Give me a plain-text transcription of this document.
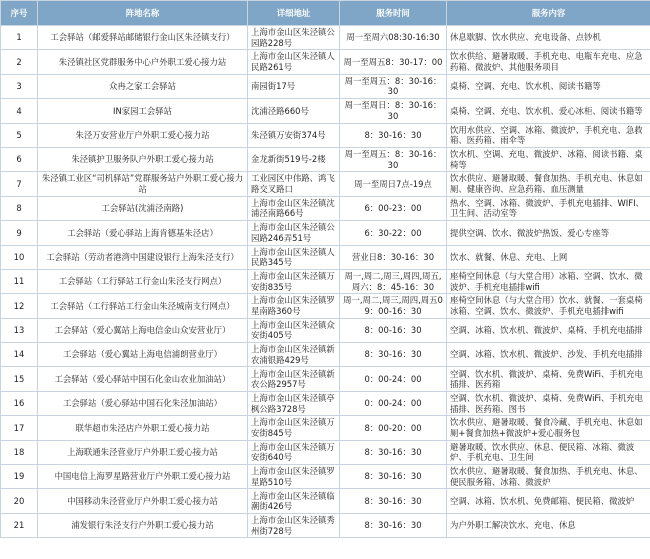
序号	阵地名称	详细地址	服务时间	服务内容
1	工会驿站（邮爱驿站邮储银行金山区朱泾镇支行）	上海市金山区朱泾镇公园路228号	周一至周六08:30-16:30	休息歇脚、饮水供应、充电设备、点钞机
2	朱泾镇社区党群服务中心户外职工爱心接力站	上海市金山区朱泾镇人民路261号	周一至周五8：30-17：00	饮水供给、避暑取暖、手机充电、电瓶车充电、应急药箱、微波炉、其他服务项目
3	众冉之家工会驿站	南园街17号	周一至周五：8：30-16：30	桌椅、空调、充电、饮水机、阅读书籍等
4	IN家园工会驿站	沈浦泾路660号	周一至周日：8：30-16：30	桌椅、空调、充电、饮水机、爱心冰柜、阅读书籍等
5	朱泾万安营业厅户外职工爱心接力站	朱泾镇万安街374号	8：30-16：30	饮用水供应、空调、冰箱、微波炉、手机充电、急救箱、医药箱、雨伞等
6	朱泾镇护卫服务队户外职工爱心接力站	金龙新街519号-2楼	周一至周五：8：30-16：30	饮水机、空调、充电、微波炉、冰箱、阅读书籍、桌椅等
7	朱泾镇工业区“司机驿站”党群服务站户外职工爱心接力站	工业园区中伟路、鸿飞路交叉路口	周一至周日7点-19点	饮水供应、避暑取暖、餐食加热、手机充电、休息如厕、健康咨询、应急药箱、血压测量
8	工会驿站(沈浦泾南路)	上海市金山区朱泾镇沈浦泾南路66号	6：00-23：00	热水、空调、冰箱、微波炉、手机充电插排、WIFI、卫生间、活动室等
9	工会驿站（爱心驿站上海肯德基朱泾店）	上海市金山区朱泾镇公园路246弄51号	6：30-22：00	提供空调、饮水、微波炉热饭、爱心专座等
10	工会驿站（劳动者港湾中国建设银行上海朱泾支行）	上海市金山区朱泾镇人民路345号	营业日8：30-16：30	饮水、就餐、休息、充电、上网
11	工会驿站（工行驿站工行金山朱泾支行网点）	上海市金山区朱泾镇万安街835号	周一,周二,周三,周四,周五,周六：8：45-16：30	座椅空间休息（与大堂合用）冰箱、空调、饮水、微波炉、手机充电插排wifi
12	工会驿站（工行驿站工行金山朱泾城南支行网点）	上海市金山区朱泾镇罗星南路360号	周一,周二,周三,周四,周五09：00-16：30	座椅空间休息（与大堂合用）饮水、就餐、一套桌椅冰箱、空调、饮水、微波炉、手机充电插排wifi
13	工会驿站（爱心翼站上海电信金山众安营业厅）	上海市金山区朱泾镇众安街405号	8：00-16：30	空调、冰箱、饮水机、微波炉、桌椅、手机充电插排
14	工会驿站（爱心翼站上海电信浦朗营业厅）	上海市金山区朱泾镇新农浦银路429号	8：30-16：30	空调、冰箱、饮水机、微波炉、沙发、手机充电插排
15	工会驿站（爱心驿站中国石化金山农业加油站）	上海市金山区朱泾镇新农公路2957号	0：00-24：00	空调、饮水机、微波炉、桌椅、免费WiFi、手机充电插排、医药箱
16	工会驿站（爱心驿站中国石化朱泾加油站）	上海市金山区朱泾镇亭枫公路3728号	0：00-24：00	空调、饮水机、微波炉、桌椅、免费WiFi、手机充电插排、医药箱、图书
17	联华超市朱泾店户外职工爱心接力站	上海市金山区朱泾镇万安街845号	8：00-20：00	饮水供应、避暑取暖、餐食冷藏、手机充电、休息如厕+餐食加热+微波炉+爱心服务包
18	上海联通朱泾营业厅户外职工爱心接力站	上海市金山区朱泾镇万安街640号	8：30-16：30	避暑取暖、饮水供应、休息、便民箱、冰箱、微波炉、手机充电、卫生间
19	中国电信上海罗星路营业厅户外职工爱心接力站	上海市金山区朱泾镇罗星路510号	8：30-16：30	饮水供应、避暑取暖、餐食加热、手机充电、休息、便民服务箱、冰箱、微波炉
20	中国移动朱泾营业厅户外职工爱心接力站	上海市金山区朱泾镇临潮街426号	8：30-16：30	空调、冰箱、饮水机、免费邮箱、便民箱、微波炉
21	浦发银行朱泾支行户外职工爱心接力站	上海市金山区朱泾镇秀州街728号	8：30-16：30	为户外职工解决饮水、充电、休息
